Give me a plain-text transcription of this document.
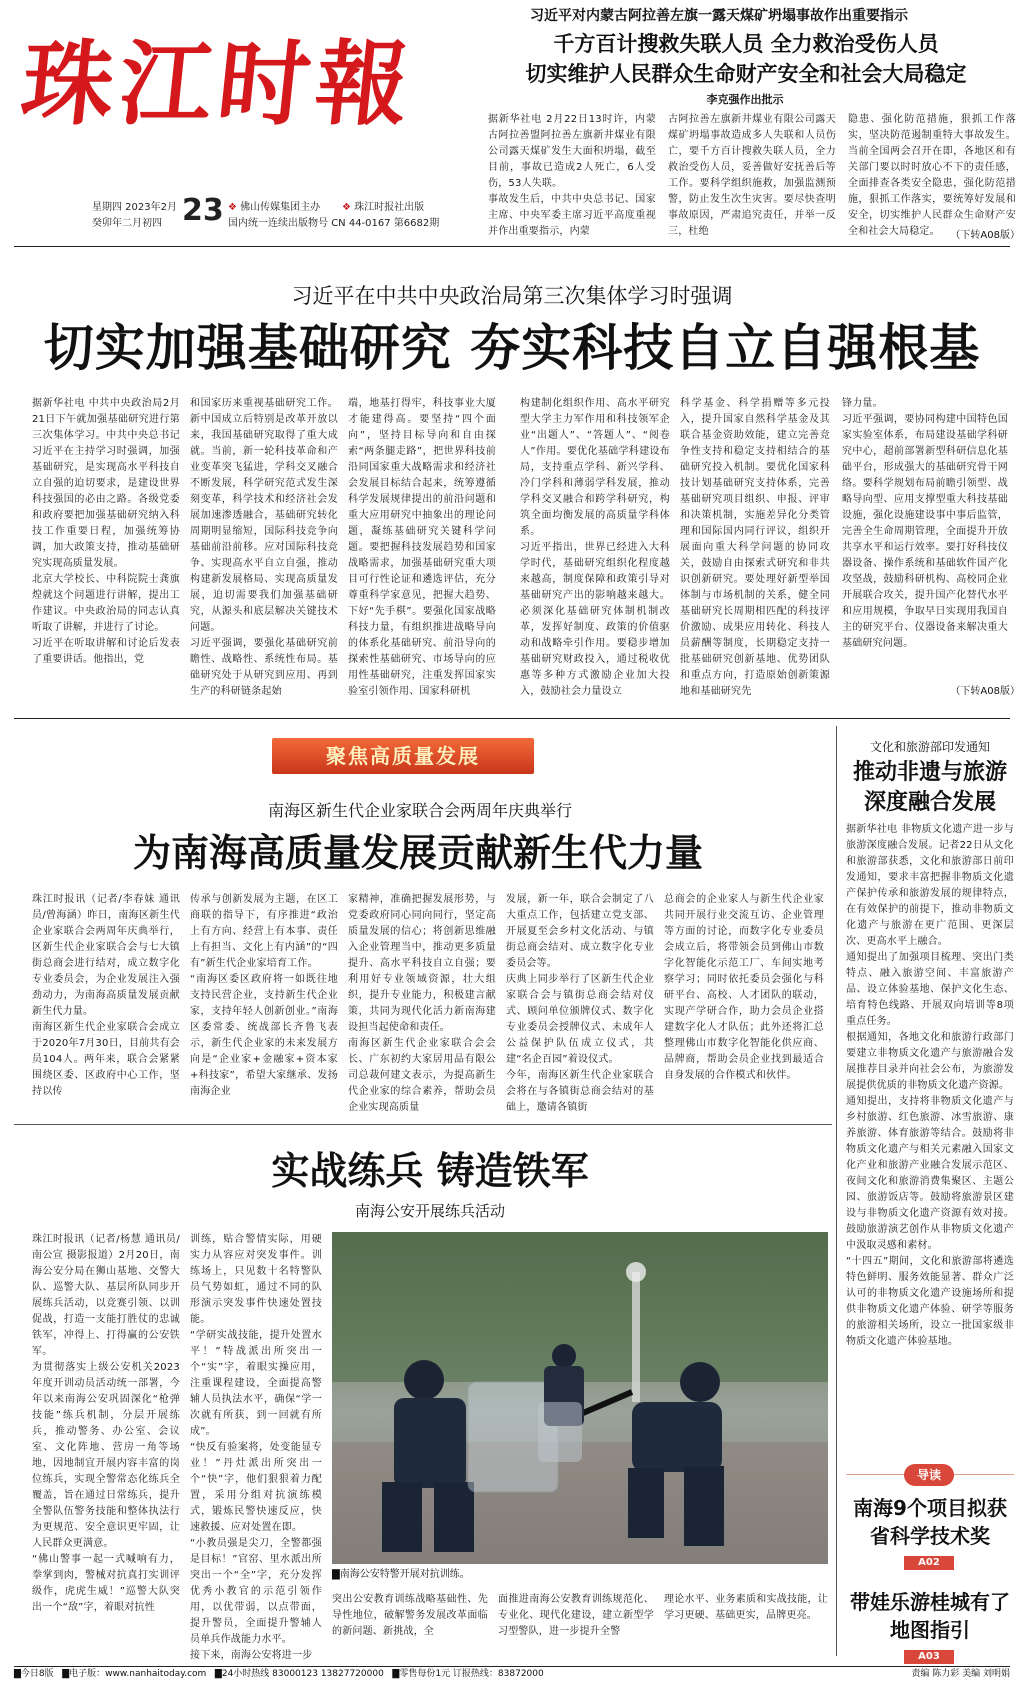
珠江时報
星期四 2023年2月
癸卯年二月初四 23 ❖ 佛山传媒集团主办	❖ 珠江时报社出版
国内统一连续出版物号 CN 44-0167 第6682期
习近平对内蒙古阿拉善左旗一露天煤矿坍塌事故作出重要指示
千方百计搜救失联人员 全力救治受伤人员
切实维护人民群众生命财产安全和社会大局稳定
李克强作出批示
据新华社电 2月22日13时许，内蒙古阿拉善盟阿拉善左旗新井煤业有限公司露天煤矿发生大面积坍塌，截至目前，事故已造成2人死亡，6人受伤，53人失联。
事故发生后，中共中央总书记、国家主席、中央军委主席习近平高度重视并作出重要指示，内蒙
古阿拉善左旗新井煤业有限公司露天煤矿坍塌事故造成多人失联和人员伤亡，要千方百计搜救失联人员，全力救治受伤人员，妥善做好安抚善后等工作。要科学组织施救，加强监测预警，防止发生次生灾害。要尽快查明事故原因，严肃追究责任，并举一反三，杜绝
隐患、强化防范措施，狠抓工作落实，坚决防范遏制重特大事故发生。当前全国两会召开在即，各地区和有关部门要以时时放心不下的责任感，全面排查各类安全隐患，强化防范措施，狠抓工作落实，要统筹好发展和安全，切实维护人民群众生命财产安全和社会大局稳定。	（下转A08版）
习近平在中共中央政治局第三次集体学习时强调
切实加强基础研究 夯实科技自立自强根基
据新华社电 中共中央政治局2月21日下午就加强基础研究进行第三次集体学习。中共中央总书记习近平在主持学习时强调，加强基础研究，是实现高水平科技自立自强的迫切要求，是建设世界科技强国的必由之路。各级党委和政府要把加强基础研究纳入科技工作重要日程，加强统筹协调，加大政策支持，推动基础研究实现高质量发展。
北京大学校长、中科院院士龚旗煌就这个问题进行讲解，提出工作建议。中央政治局的同志认真听取了讲解，并进行了讨论。
习近平在听取讲解和讨论后发表了重要讲话。他指出，党
和国家历来重视基础研究工作。新中国成立后特别是改革开放以来，我国基础研究取得了重大成就。当前，新一轮科技革命和产业变革突飞猛进，学科交叉融合不断发展，科学研究范式发生深刻变革，科学技术和经济社会发展加速渗透融合，基础研究转化周期明显缩短，国际科技竞争向基础前沿前移。应对国际科技竞争、实现高水平自立自强，推动构建新发展格局、实现高质量发展，迫切需要我们加强基础研究，从源头和底层解决关键技术问题。
习近平强调，要强化基础研究前瞻性、战略性、系统性布局。基础研究处于从研究到应用、再到生产的科研链条起始
端，地基打得牢，科技事业大厦才能建得高。要坚持“四个面向”，坚持目标导向和自由探索“两条腿走路”，把世界科技前沿同国家重大战略需求和经济社会发展目标结合起来，统筹遵循科学发展规律提出的前沿问题和重大应用研究中抽象出的理论问题，凝练基础研究关键科学问题。要把握科技发展趋势和国家战略需求，加强基础研究重大项目可行性论证和遴选评估，充分尊重科学家意见，把握大趋势、下好“先手棋”。要强化国家战略科技力量，有组织推进战略导向的体系化基础研究、前沿导向的探索性基础研究、市场导向的应用性基础研究，注重发挥国家实验室引领作用、国家科研机
构建制化组织作用、高水平研究型大学主力军作用和科技领军企业“出题人”、“答题人”、“阅卷人”作用。要优化基础学科建设布局，支持重点学科、新兴学科、冷门学科和薄弱学科发展，推动学科交叉融合和跨学科研究，构筑全面均衡发展的高质量学科体系。
习近平指出，世界已经进入大科学时代，基础研究组织化程度越来越高，制度保障和政策引导对基础研究产出的影响越来越大。必须深化基础研究体制机制改革，发挥好制度、政策的价值驱动和战略牵引作用。要稳步增加基础研究财政投入，通过税收优惠等多种方式激励企业加大投入，鼓励社会力量设立
科学基金、科学捐赠等多元投入，提升国家自然科学基金及其联合基金资助效能，建立完善竞争性支持和稳定支持相结合的基础研究投入机制。要优化国家科技计划基础研究支持体系，完善基础研究项目组织、申报、评审和决策机制，实施差异化分类管理和国际国内同行评议，组织开展面向重大科学问题的协同攻关，鼓励自由探索式研究和非共识创新研究。要处理好新型举国体制与市场机制的关系，健全同基础研究长周期相匹配的科技评价激励、成果应用转化、科技人员薪酬等制度，长期稳定支持一批基础研究创新基地、优势团队和重点方向，打造原始创新策源地和基础研究先
锋力量。
习近平强调，要协同构建中国特色国家实验室体系，布局建设基础学科研究中心，超前部署新型科研信息化基础平台，形成强大的基础研究骨干网络。要科学规划布局前瞻引领型、战略导向型、应用支撑型重大科技基础设施，强化设施建设事中事后监管，完善全生命周期管理，全面提升开放共享水平和运行效率。要打好科技仪器设备、操作系统和基础软件国产化攻坚战，鼓励科研机构、高校同企业开展联合攻关，提升国产化替代水平和应用规模，争取早日实现用我国自主的研究平台、仪器设备来解决重大基础研究问题。
（下转A08版）
聚焦高质量发展
南海区新生代企业家联合会两周年庆典举行
为南海高质量发展贡献新生代力量
珠江时报讯（记者/李春妹 通讯员/曾海涵）昨日，南海区新生代企业家联合会两周年庆典举行，区新生代企业家联合会与七大镇街总商会进行结对，成立数字化专业委员会，为企业发展注入强劲动力，为南海高质量发展贡献新生代力量。
南海区新生代企业家联合会成立于2020年7月30日，目前共有会员104人。两年来，联合会紧紧围绕区委、区政府中心工作，坚持以传
传承与创新发展为主题，在区工商联的指导下，有序推进“政治上有方向、经营上有本事、责任上有担当、文化上有内涵”的“四有”新生代企业家培育工作。
“南海区委区政府将一如既往地支持民营企业，支持新生代企业家，支持年轻人创新创业。”南海区委常委、统战部长齐鲁飞表示，新生代企业家的未来发展方向是“企业家+金融家+资本家+科技家”，希望大家继承、发扬南海企业
家精神，准确把握发展形势，与党委政府同心同向同行，坚定高质量发展的信心；将创新思维融入企业管理当中，推动更多质量提升、高水平科技自立自强；要利用好专业领域资源，壮大组织，提升专业能力，积极建言献策，共同为现代化活力新南海建设担当起使命和责任。
南海区新生代企业家联合会会长、广东初约大家居用品有限公司总裁何建文表示，为提高新生代企业家的综合素养，帮助会员企业实现高质量
发展，新一年，联合会制定了八大重点工作，包括建立党支部、开展夏至会乡村文化活动、与镇街总商会结对、成立数字化专业委员会等。
庆典上同步举行了区新生代企业家联合会与镇街总商会结对仪式、顾问单位颁牌仪式、数字化专业委员会授牌仪式、未成年人公益保护队伍成立仪式，共建“名企百园”着设仪式。
今年，南海区新生代企业家联合会将在与各镇街总商会结对的基础上，邀请各镇街
总商会的企业家人与新生代企业家共同开展行业交流互访、企业管理等方面的讨论，而数字化专业委员会成立后，将带领会员到佛山市数字化智能化示范工厂、车间实地考察学习；同时依托委员会强化与科研平台、高校、人才团队的联动，实现产学研合作，助力会员企业搭建数字化人才队伍；此外还将汇总整理佛山市数字化智能化供应商、品牌商，帮助会员企业找到最适合自身发展的合作模式和伙伴。
实战练兵 铸造铁军
南海公安开展练兵活动
珠江时报讯（记者/杨慧 通讯员/南公宣 摄影报道）2月20日，南海公安分局在狮山基地、交警大队、巡警大队、基层所队同步开展练兵活动，以竞赛引领、以训促战，打造一支能打胜仗的忠诚铁军，冲得上、打得赢的公安铁军。
为贯彻落实上级公安机关2023年度开训动员活动统一部署，今年以来南海公安巩固深化“枪弹技能”练兵机制，分层开展练兵，推动警务、办公室、会议室、文化阵地、营房一角等场地，因地制宜开展内容丰富的岗位练兵，实现全警常态化练兵全覆盖，旨在通过日常练兵，提升全警队伍警务技能和整体执法行为更规范、安全意识更牢固，让人民群众更满意。
“佛山警事一起一式喊响有力，拳掌到肉，警械对抗真打实训评级作，虎虎生威！”巡警大队突出一个“敌”字，着眼对抗性
训练，贴合警情实际，用硬实力从容应对突发事件。训练场上，只见数十名特警队员气势如虹，通过不同的队形演示突发事件快速处置技能。
“学研实战技能，提升处置水平！”特战派出所突出一个“实”字，着眼实操应用，注重课程建设，全面提高警辅人员执法水平，确保“学一次就有所获，到一回就有所成”。
“快反有验案将，处变能显专业！”丹灶派出所突出一个“快”字，他们狠狠着力配置，采用分组对抗演练模式，锻炼民警快速反应，快速救援、应对处置在即。
“小教员强是尖刀，全警都强是目标！”官窑、里水派出所突出一个“全”字，充分发挥优秀小教官的示范引领作用，以优带弱，以点带面，提升警员，全面提升警辅人员单兵作战能力水平。
接下来，南海公安将进一步
▇南海公安特警开展对抗训练。
突出公安教育训练战略基础性、先导性地位，破解警务发展改革面临的新问题、新挑战，全
面推进南海公安教育训练规范化、专业化、现代化建设，建立新型学习型警队，进一步提升全警
理论水平、业务素质和实战技能，让学习更硬、基础更实，品牌更亮。
文化和旅游部印发通知
推动非遗与旅游深度融合发展
据新华社电 非物质文化遗产进一步与旅游深度融合发展。记者22日从文化和旅游部获悉，文化和旅游部日前印发通知，要求丰富把握非物质文化遗产保护传承和旅游发展的规律特点，在有效保护的前提下，推动非物质文化遗产与旅游在更广范围、更深层次、更高水平上融合。
通知提出了加强项目梳理、突出门类特点、融入旅游空间、丰富旅游产品、设立体验基地、保护文化生态、培育特色线路、开展双向培训等8项重点任务。
根据通知，各地文化和旅游行政部门要建立非物质文化遗产与旅游融合发展推荐目录并向社会公布，为旅游发展提供优质的非物质文化遗产资源。
通知提出，支持将非物质文化遗产与乡村旅游、红色旅游、冰雪旅游、康养旅游、体育旅游等结合。鼓励将非物质文化遗产与相关元素融入国家文化产业和旅游产业融合发展示范区、夜间文化和旅游消费集聚区、主题公园、旅游饭店等。鼓励将旅游景区建设与非物质文化遗产资源有效对接。鼓励旅游演艺创作从非物质文化遗产中汲取灵感和素材。
“十四五”期间，文化和旅游部将遴选特色鲜明、服务效能显著、群众广泛认可的非物质文化遗产设施场所和提供非物质文化遗产体验、研学等服务的旅游相关场所，设立一批国家级非物质文化遗产体验基地。
导读
南海9个项目拟获省科学技术奖
A02
带娃乐游桂城有了地图指引
A03
▇今日8版 ▇电子版：www.nanhaitoday.com ▇24小时热线 83000123 13827720000 ▇零售每份1元 订报热线：83872000	责编 陈力彩 美编 刘明娟
